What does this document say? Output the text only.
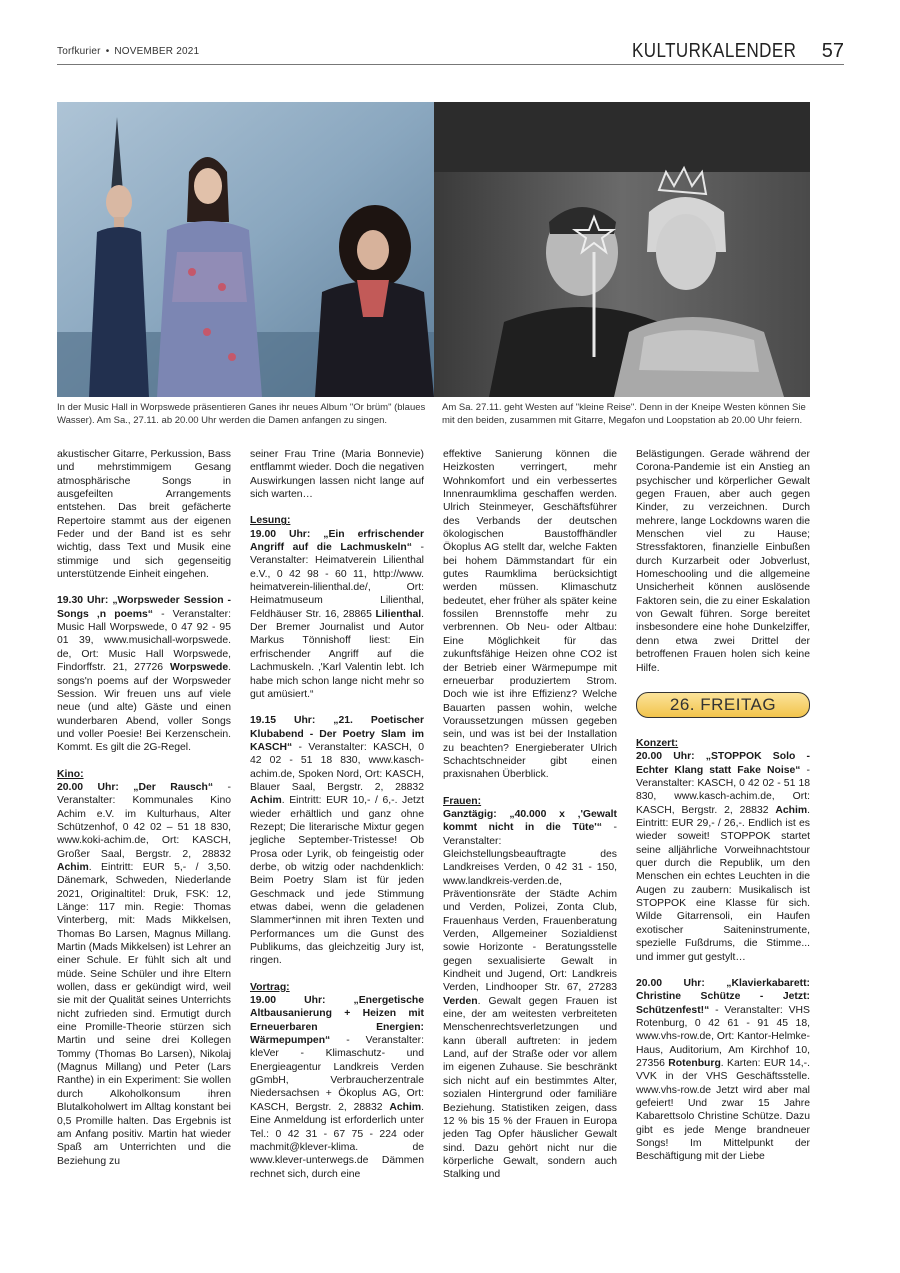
Torfkurier • NOVEMBER 2021	KULTURKALENDER 57
In der Music Hall in Worpswede präsentieren Ganes ihr neues Album "Or brüm" (blaues Wasser). Am Sa., 27.11. ab 20.00 Uhr werden die Damen anfangen zu singen.
Am Sa. 27.11. geht Westen auf "kleine Reise". Denn in der Kneipe Westen können Sie mit den beiden, zusammen mit Gitarre, Megafon und Loopstation ab 20.00 Uhr feiern.

akustischer Gitarre, Perkussion, Bass und mehrstimmigem Gesang atmosphärische Songs in ausgefeilten Arrangements entstehen. Das breit gefächerte Repertoire stammt aus der eigenen Feder und der Band ist es sehr wichtig, dass Text und Musik eine stimmige und sich gegenseitig unterstützende Einheit eingehen.

19.30 Uhr: „Worpsweder Session - Songs ‚n poems“ - Veranstalter: Music Hall Worpswede, 0 47 92 - 95 01 39, www.musichall-worpswede. de, Ort: Music Hall Worpswede, Findorffstr. 21, 27726 Worpswede. songs'n poems auf der Worpsweder Session. Wir freuen uns auf viele neue (und alte) Gäste und einen wunderbaren Abend, voller Songs und voller Poesie! Bei Kerzenschein. Kommt. Es gilt die 2G-Regel.

Kino:

20.00 Uhr: „Der Rausch“ - Veranstalter: Kommunales Kino Achim e.V. im Kulturhaus, Alter Schützenhof, 0 42 02 – 51 18 830, www.koki-achim.de, Ort: KASCH, Großer Saal, Bergstr. 2, 28832 Achim. Eintritt: EUR 5,- / 3,50. Dänemark, Schweden, Niederlande 2021, Originaltitel: Druk, FSK: 12, Länge: 117 min. Regie: Thomas Vinterberg, mit: Mads Mikkelsen, Thomas Bo Larsen, Magnus Millang. Martin (Mads Mikkelsen) ist Lehrer an einer Schule. Er fühlt sich alt und müde. Seine Schüler und ihre Eltern wollen, dass er gekündigt wird, weil sie mit der Qualität seines Unterrichts nicht zufrieden sind. Ermutigt durch eine Promille-Theorie stürzen sich Martin und seine drei Kollegen Tommy (Thomas Bo Larsen), Nikolaj (Magnus Millang) und Peter (Lars Ranthe) in ein Experiment: Sie wollen durch Alkoholkonsum ihren Blutalkoholwert im Alltag konstant bei 0,5 Promille halten. Das Ergebnis ist am Anfang positiv. Martin hat wieder Spaß am Unterrichten und die Beziehung zu

seiner Frau Trine (Maria Bonnevie) entflammt wieder. Doch die negativen Auswirkungen lassen nicht lange auf sich warten…

Lesung:

19.00 Uhr: „Ein erfrischender Angriff auf die Lachmuskeln“ - Veranstalter: Heimatverein Lilienthal e.V., 0 42 98 - 60 11, http://www. heimatverein-lilienthal.de/, Ort: Heimatmuseum Lilienthal, Feldhäuser Str. 16, 28865 Lilienthal. Der Bremer Journalist und Autor Markus Tönnishoff liest: Ein erfrischender Angriff auf die Lachmuskeln. ‚'Karl Valentin lebt. Ich habe mich schon lange nicht mehr so gut amüsiert.“

19.15 Uhr: „21. Poetischer Klubabend - Der Poetry Slam im KASCH“ - Veranstalter: KASCH, 0 42 02 - 51 18 830, www.kasch-achim.de, Spoken Nord, Ort: KASCH, Blauer Saal, Bergstr. 2, 28832 Achim. Eintritt: EUR 10,- / 6,-. Jetzt wieder erhältlich und ganz ohne Rezept; Die literarische Mixtur gegen jegliche September-Tristesse! Ob Prosa oder Lyrik, ob feingeistig oder derbe, ob witzig oder nachdenklich: Beim Poetry Slam ist für jeden Geschmack und jede Stimmung etwas dabei, wenn die geladenen Slammer*innen mit ihren Texten und Performances um die Gunst des Publikums, das gleichzeitig Jury ist, ringen.

Vortrag:

19.00 Uhr: „Energetische Altbausanierung + Heizen mit Erneuerbaren Energien: Wärmepumpen“ - Veranstalter: kleVer - Klimaschutz- und Energieagentur Landkreis Verden gGmbH, Verbraucherzentrale Niedersachsen + Ökoplus AG, Ort: KASCH, Bergstr. 2, 28832 Achim. Eine Anmeldung ist erforderlich unter Tel.: 0 42 31 - 67 75 - 224 oder machmit@klever-klima. de www.klever-unterwegs.de Dämmen rechnet sich, durch eine

effektive Sanierung können die Heizkosten verringert, mehr Wohnkomfort und ein verbessertes Innenraumklima geschaffen werden. Ulrich Steinmeyer, Geschäftsführer des Verbands der deutschen ökologischen Baustoffhändler Ökoplus AG stellt dar, welche Fakten bei hohem Dämmstandart für ein gutes Raumklima berücksichtigt werden müssen. Klimaschutz bedeutet, eher früher als später keine fossilen Brennstoffe mehr zu verbrennen. Ob Neu- oder Altbau: Eine Möglichkeit für das zukunftsfähige Heizen ohne CO2 ist der Betrieb einer Wärmepumpe mit erneuerbar produziertem Strom. Doch wie ist ihre Effizienz? Welche Bauarten passen wohin, welche Voraussetzungen müssen gegeben sein, und was ist bei der Installation zu beachten? Energieberater Ulrich Schachtschneider gibt einen praxisnahen Überblick.

Frauen:

Ganztägig: „40.000 x ‚'Gewalt kommt nicht in die Tüte'“ - Veranstalter: Gleichstellungsbeauftragte des Landkreises Verden, 0 42 31 - 150, www.landkreis-verden.de, Präventionsräte der Städte Achim und Verden, Polizei, Zonta Club, Frauenhaus Verden, Frauenberatung Verden, Allgemeiner Sozialdienst sowie Horizonte - Beratungsstelle gegen sexualisierte Gewalt in Kindheit und Jugend, Ort: Landkreis Verden, Lindhooper Str. 67, 27283 Verden. Gewalt gegen Frauen ist eine, der am weitesten verbreiteten Menschenrechtsverletzungen und kann überall auftreten: in jedem Land, auf der Straße oder vor allem im eigenen Zuhause. Sie beschränkt sich nicht auf ein bestimmtes Alter, sozialen Hintergrund oder familiäre Beziehung. Statistiken zeigen, dass 12 % bis 15 % der Frauen in Europa jeden Tag Opfer häuslicher Gewalt sind. Dazu gehört nicht nur die körperliche Gewalt, sondern auch Stalking und

Belästigungen. Gerade während der Corona-Pandemie ist ein Anstieg an psychischer und körperlicher Gewalt gegen Frauen, aber auch gegen Kinder, zu verzeichnen. Durch mehrere, lange Lockdowns waren die Menschen viel zu Hause; Stressfaktoren, finanzielle Einbußen durch Kurzarbeit oder Jobverlust, Homeschooling und die allgemeine Unsicherheit können auslösende Faktoren sein, die zu einer Eskalation von Gewalt führen. Sorge bereitet insbesondere eine hohe Dunkelziffer, denn etwa zwei Drittel der betroffenen Frauen holen sich keine Hilfe.

26. FREITAG

Konzert:

20.00 Uhr: „STOPPOK Solo - Echter Klang statt Fake Noise“ - Veranstalter: KASCH, 0 42 02 - 51 18 830, www.kasch-achim.de, Ort: KASCH, Bergstr. 2, 28832 Achim. Eintritt: EUR 29,- / 26,-. Endlich ist es wieder soweit! STOPPOK startet seine alljährliche Vorweihnachtstour quer durch die Republik, um den Menschen ein echtes Leuchten in die Augen zu zaubern: Musikalisch ist STOPPOK eine Klasse für sich. Wilde Gitarrensoli, ein Haufen exotischer Saiteninstrumente, spezielle Fußdrums, die Stimme... und immer gut gestylt…

20.00 Uhr: „Klavierkabarett: Christine Schütze - Jetzt: Schützenfest!“ - Veranstalter: VHS Rotenburg, 0 42 61 - 91 45 18, www.vhs-row.de, Ort: Kantor-Helmke-Haus, Auditorium, Am Kirchhof 10, 27356 Rotenburg. Karten: EUR 14,-. VVK in der VHS Geschäftsstelle. www.vhs-row.de Jetzt wird aber mal gefeiert! Und zwar 15 Jahre Kabarettsolo Christine Schütze. Dazu gibt es jede Menge brandneuer Songs! Im Mittelpunkt der Beschäftigung mit der Liebe
